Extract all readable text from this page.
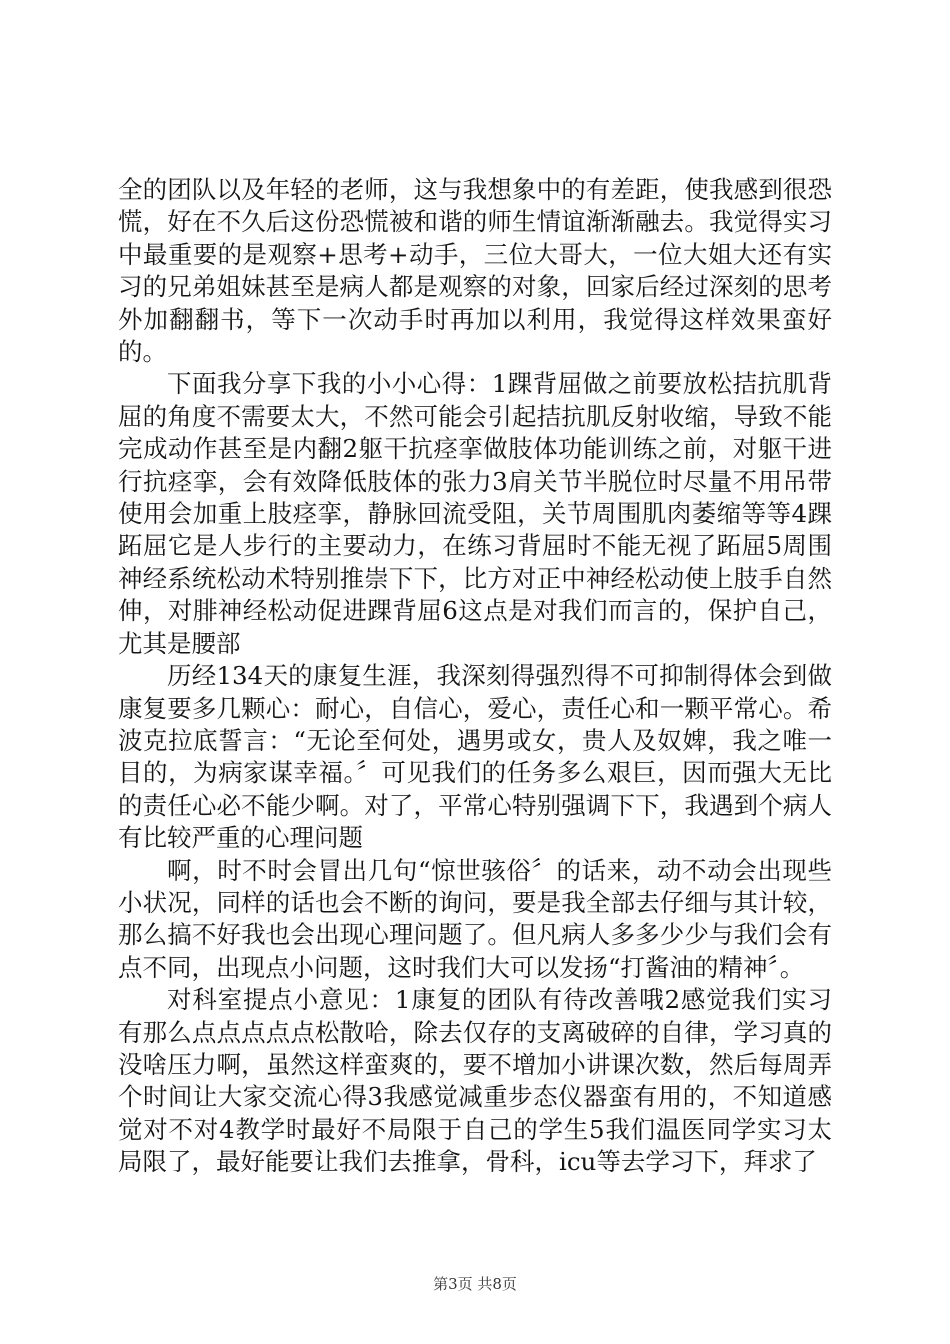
全的团队以及年轻的老师，这与我想象中的有差距，使我感到很恐慌，好在不久后这份恐慌被和谐的师生情谊渐渐融去。我觉得实习中最重要的是观察+思考+动手，三位大哥大，一位大姐大还有实习的兄弟姐妹甚至是病人都是观察的对象，回家后经过深刻的思考外加翻翻书，等下一次动手时再加以利用，我觉得这样效果蛮好的。

下面我分享下我的小小心得：1踝背屈做之前要放松拮抗肌背屈的角度不需要太大，不然可能会引起拮抗肌反射收缩，导致不能完成动作甚至是内翻2躯干抗痉挛做肢体功能训练之前，对躯干进行抗痉挛，会有效降低肢体的张力3肩关节半脱位时尽量不用吊带使用会加重上肢痉挛，静脉回流受阻，关节周围肌肉萎缩等等4踝跖屈它是人步行的主要动力，在练习背屈时不能无视了跖屈5周围神经系统松动术特别推崇下下，比方对正中神经松动使上肢手自然伸，对腓神经松动促进踝背屈6这点是对我们而言的，保护自己，尤其是腰部

历经134天的康复生涯，我深刻得强烈得不可抑制得体会到做康复要多几颗心：耐心，自信心，爱心，责任心和一颗平常心。希波克拉底誓言：“无论至何处，遇男或女，贵人及奴婢，我之唯一目的，为病家谋幸福。〞可见我们的任务多么艰巨，因而强大无比的责任心必不能少啊。对了，平常心特别强调下下，我遇到个病人有比较严重的心理问题

啊，时不时会冒出几句“惊世骇俗〞的话来，动不动会出现些小状况，同样的话也会不断的询问，要是我全部去仔细与其计较，那么搞不好我也会出现心理问题了。但凡病人多多少少与我们会有点不同，出现点小问题，这时我们大可以发扬“打酱油的精神〞。

对科室提点小意见：1康复的团队有待改善哦2感觉我们实习有那么点点点点点松散哈，除去仅存的支离破碎的自律，学习真的没啥压力啊，虽然这样蛮爽的，要不增加小讲课次数，然后每周弄个时间让大家交流心得3我感觉减重步态仪器蛮有用的，不知道感觉对不对4教学时最好不局限于自己的学生5我们温医同学实习太局限了，最好能要让我们去推拿，骨科，icu等去学习下，拜求了

第3页 共8页
